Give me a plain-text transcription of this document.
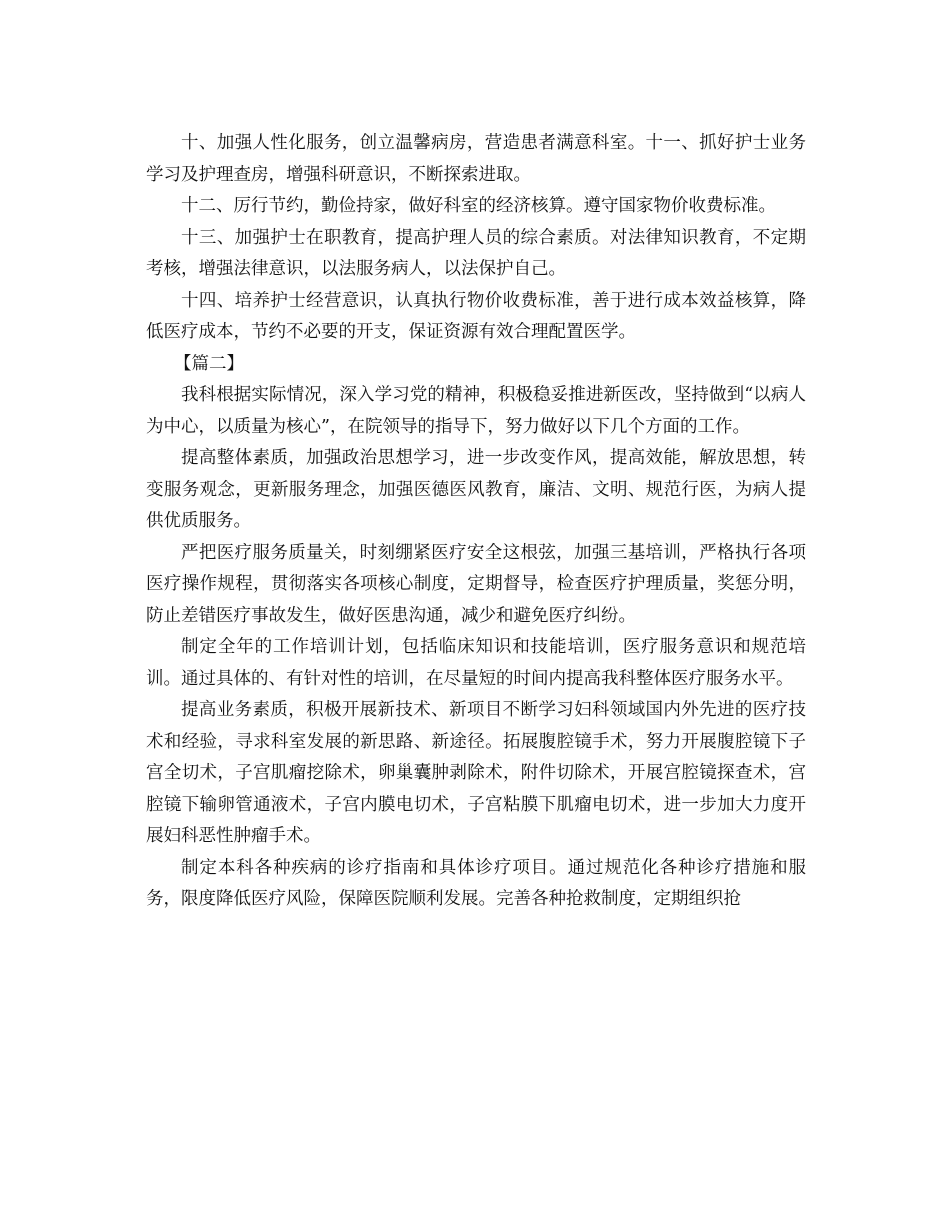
十、加强人性化服务，创立温馨病房，营造患者满意科室。十一、抓好护士业务学习及护理查房，增强科研意识，不断探索进取。

十二、厉行节约，勤俭持家，做好科室的经济核算。遵守国家物价收费标准。

十三、加强护士在职教育，提高护理人员的综合素质。对法律知识教育，不定期考核，增强法律意识，以法服务病人，以法保护自己。

十四、培养护士经营意识，认真执行物价收费标准，善于进行成本效益核算，降低医疗成本，节约不必要的开支，保证资源有效合理配置医学。

【篇二】

我科根据实际情况，深入学习党的精神，积极稳妥推进新医改，坚持做到“以病人为中心，以质量为核心”，在院领导的指导下，努力做好以下几个方面的工作。

提高整体素质，加强政治思想学习，进一步改变作风，提高效能，解放思想，转变服务观念，更新服务理念，加强医德医风教育，廉洁、文明、规范行医，为病人提供优质服务。

严把医疗服务质量关，时刻绷紧医疗安全这根弦，加强三基培训，严格执行各项医疗操作规程，贯彻落实各项核心制度，定期督导，检查医疗护理质量，奖惩分明，防止差错医疗事故发生，做好医患沟通，减少和避免医疗纠纷。

制定全年的工作培训计划，包括临床知识和技能培训，医疗服务意识和规范培训。通过具体的、有针对性的培训，在尽量短的时间内提高我科整体医疗服务水平。

提高业务素质，积极开展新技术、新项目不断学习妇科领域国内外先进的医疗技术和经验，寻求科室发展的新思路、新途径。拓展腹腔镜手术，努力开展腹腔镜下子宫全切术，子宫肌瘤挖除术，卵巢囊肿剥除术，附件切除术，开展宫腔镜探查术，宫腔镜下输卵管通液术，子宫内膜电切术，子宫粘膜下肌瘤电切术，进一步加大力度开展妇科恶性肿瘤手术。

制定本科各种疾病的诊疗指南和具体诊疗项目。通过规范化各种诊疗措施和服务，限度降低医疗风险，保障医院顺利发展。完善各种抢救制度，定期组织抢
